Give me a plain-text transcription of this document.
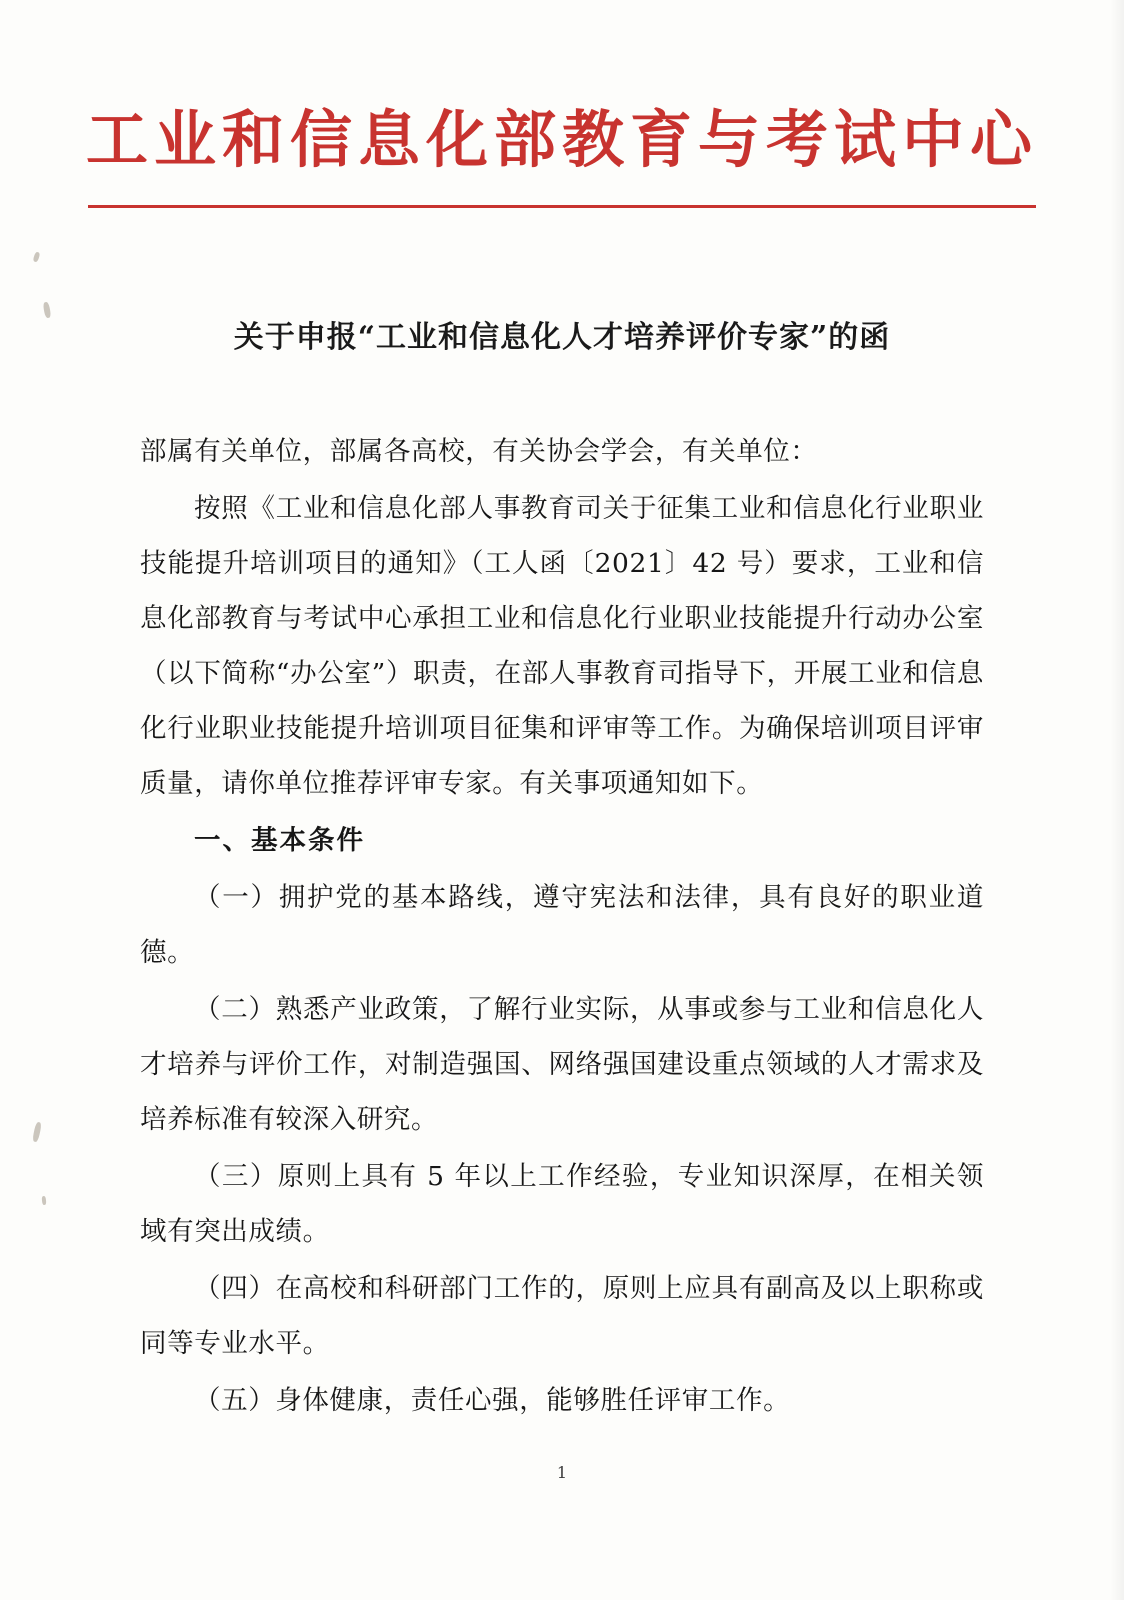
工业和信息化部教育与考试中心
关于申报“工业和信息化人才培养评价专家”的函

部属有关单位，部属各高校，有关协会学会，有关单位：

按照《工业和信息化部人事教育司关于征集工业和信息化行业职业技能提升培训项目的通知》（工人函〔2021〕42 号）要求，工业和信息化部教育与考试中心承担工业和信息化行业职业技能提升行动办公室（以下简称“办公室”）职责，在部人事教育司指导下，开展工业和信息化行业职业技能提升培训项目征集和评审等工作。为确保培训项目评审质量，请你单位推荐评审专家。有关事项通知如下。

一、基本条件

（一）拥护党的基本路线，遵守宪法和法律，具有良好的职业道德。

（二）熟悉产业政策，了解行业实际，从事或参与工业和信息化人才培养与评价工作，对制造强国、网络强国建设重点领域的人才需求及培养标准有较深入研究。

（三）原则上具有 5 年以上工作经验，专业知识深厚，在相关领域有突出成绩。

（四）在高校和科研部门工作的，原则上应具有副高及以上职称或同等专业水平。

（五）身体健康，责任心强，能够胜任评审工作。

1
